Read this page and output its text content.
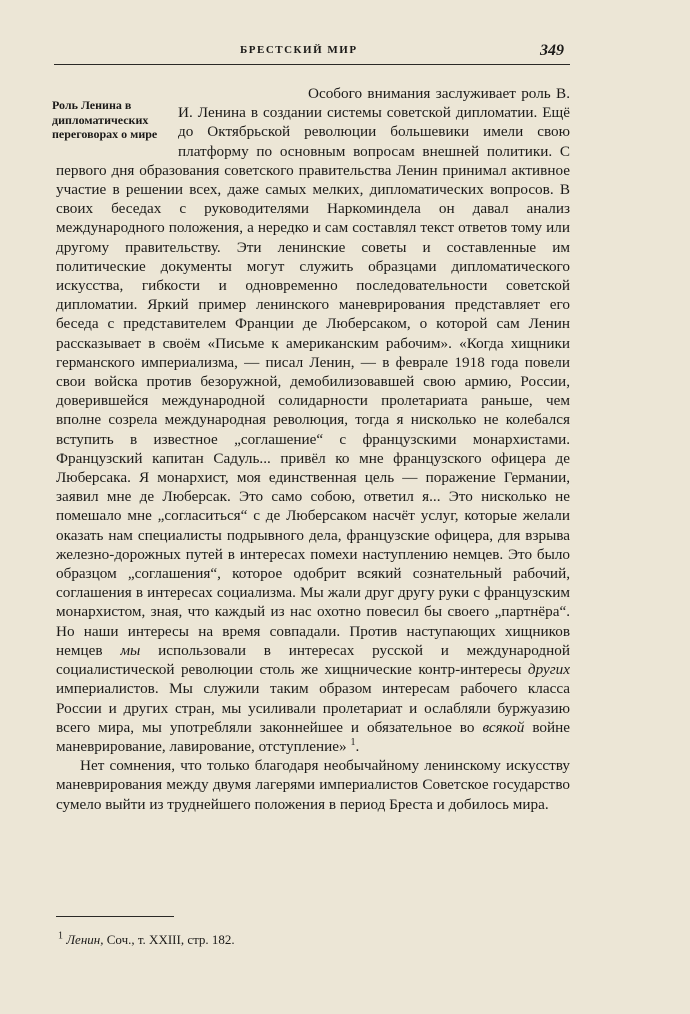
БРЕСТСКИЙ МИР	349
Роль Ленина в дипломатических переговорах о мире

Особого внимания заслуживает роль В. И. Ленина в создании системы советской дипломатии. Ещё до Октябрьской революции большевики имели свою платформу по основным вопросам внешней политики. С первого дня образования советского правительства Ленин принимал активное участие в решении всех, даже самых мелких, дипломатических вопросов. В своих беседах с руководителями Наркоминдела он давал анализ международного положения, а нередко и сам составлял текст ответов тому или другому правительству. Эти ленинские советы и составленные им политические документы могут служить образцами дипломатического искусства, гибкости и одновременно последовательности советской дипломатии. Яркий пример ленинского маневрирования представляет его беседа с представителем Франции де Люберсаком, о которой сам Ленин рассказывает в своём «Письме к американским рабочим». «Когда хищники германского империализма, — писал Ленин, — в феврале 1918 года повели свои войска против безоружной, демобилизовавшей свою армию, России, доверившейся международной солидарности пролетариата раньше, чем вполне созрела международная революция, тогда я нисколько не колебался вступить в известное „соглашение“ с французскими монархистами. Французский капитан Садуль... привёл ко мне французского офицера де Люберсака. Я монархист, моя единственная цель — поражение Германии, заявил мне де Люберсак. Это само собою, ответил я... Это нисколько не помешало мне „согласиться“ с де Люберсаком насчёт услуг, которые желали оказать нам специалисты подрывного дела, французские офицера, для взрыва железно-дорожных путей в интересах помехи наступлению немцев. Это было образцом „соглашения“, которое одобрит всякий сознательный рабочий, соглашения в интересах социализма. Мы жали друг другу руки с французским монархистом, зная, что каждый из нас охотно повесил бы своего „партнёра“. Но наши интересы на время совпадали. Против наступающих хищников немцев мы использовали в интересах русской и международной социалистической революции столь же хищнические контр-интересы других империалистов. Мы служили таким образом интересам рабочего класса России и других стран, мы усиливали пролетариат и ослабляли буржуазию всего мира, мы употребляли законнейшее и обязательное во всякой войне маневрирование, лавирование, отступление» $^1$.

Нет сомнения, что только благодаря необычайному ленинскому искусству маневрирования между двумя лагерями империалистов Советское государство сумело выйти из труднейшего положения в период Бреста и добилось мира.

$^1$ Ленин, Соч., т. XXIII, стр. 182.
